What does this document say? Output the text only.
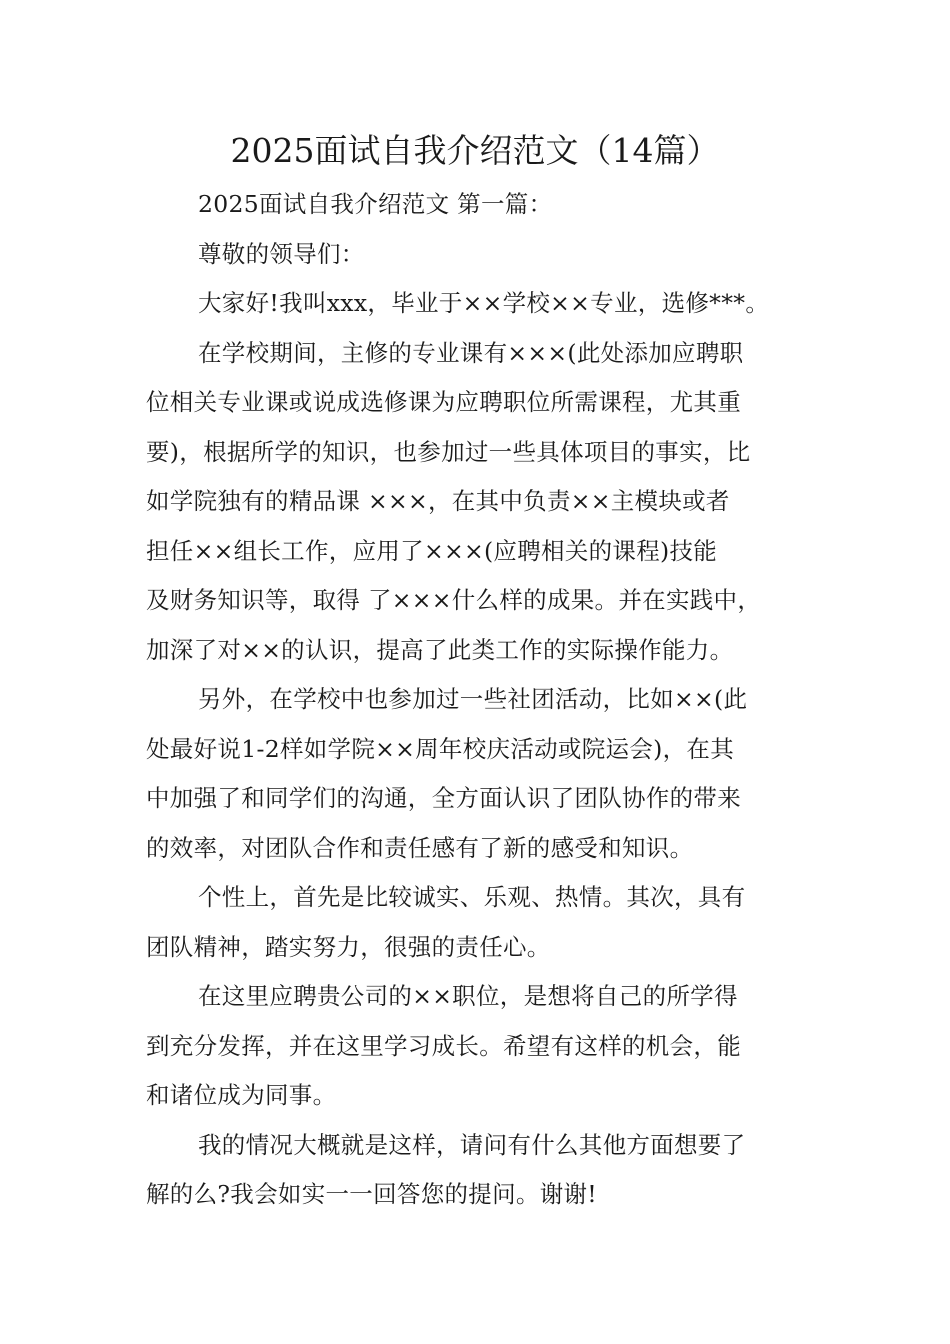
2025面试自我介绍范文（14篇）

2025面试自我介绍范文 第一篇：

尊敬的领导们：

大家好!我叫xxx，毕业于××学校××专业，选修***。

在学校期间，主修的专业课有×××(此处添加应聘职

位相关专业课或说成选修课为应聘职位所需课程，尤其重

要)，根据所学的知识，也参加过一些具体项目的事实，比

如学院独有的精品课 ×××，在其中负责××主模块或者

担任××组长工作，应用了×××(应聘相关的课程)技能

及财务知识等，取得 了×××什么样的成果。并在实践中，

加深了对××的认识，提高了此类工作的实际操作能力。

另外，在学校中也参加过一些社团活动，比如××(此

处最好说1-2样如学院××周年校庆活动或院运会)，在其

中加强了和同学们的沟通，全方面认识了团队协作的带来

的效率，对团队合作和责任感有了新的感受和知识。

个性上，首先是比较诚实、乐观、热情。其次，具有

团队精神，踏实努力，很强的责任心。

在这里应聘贵公司的××职位，是想将自己的所学得

到充分发挥，并在这里学习成长。希望有这样的机会，能

和诸位成为同事。

我的情况大概就是这样，请问有什么其他方面想要了

解的么?我会如实一一回答您的提问。谢谢!
